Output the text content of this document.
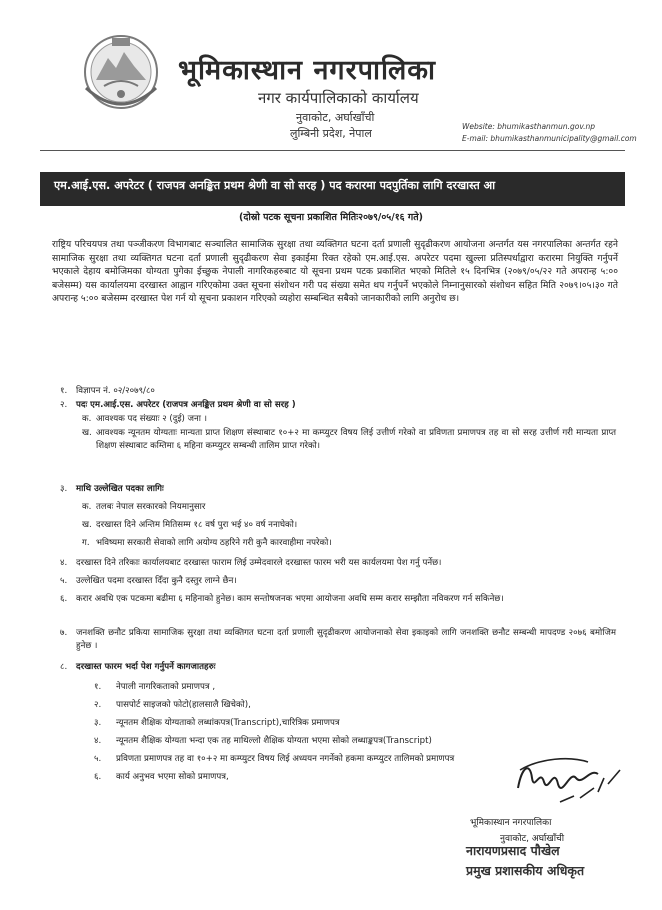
भूमिकास्थान नगरपालिका
नगर कार्यपालिकाको कार्यालय
नुवाकोट, अर्घाखाँची
लुम्बिनी प्रदेश, नेपाल
Website: bhumikasthanmun.gov.np
E-mail: bhumikasthanmunicipality@gmail.com
एम.आई.एस. अपरेटर ( राजपत्र अनङ्कित प्रथम श्रेणी वा सो सरह ) पद करारमा पदपुर्तिका लागि दरखास्त आ
(दोस्रो पटक सूचना प्रकाशित मितिः२०७९/०५/१६ गते)
राष्ट्रिय परिचयपत्र तथा पञ्जीकरण विभागबाट सञ्चालित सामाजिक सुरक्षा तथा व्यक्तिगत घटना दर्ता प्रणाली सुदृढीकरण आयोजना अन्तर्गत यस नगरपालिका अन्तर्गत रहने सामाजिक सुरक्षा तथा व्यक्तिगत घटना दर्ता प्रणाली सुदृढीकरण सेवा इकाईमा रिक्त रहेको एम.आई.एस. अपरेटर पदमा खुल्ला प्रतिस्पर्धाद्वारा करारमा नियुक्ति गर्नुपर्ने भएकाले देहाय बमोजिमका योग्यता पुगेका ईच्छुक नेपाली नागरिकहरुबाट यो सूचना प्रथम पटक प्रकाशित भएको मितिले १५ दिनभित्र (२०७९/०५/२२ गते अपरान्ह ५:०० बजेसम्म) यस कार्यालयमा दरखास्त आह्वान गरिएकोमा उक्त सूचना संशोधन गरी पद संख्या समेत थप गर्नुपर्ने भएकोले निम्नानुसारको संशोधन सहित मिति २०७९।०५।३० गते अपरान्ह ५:०० बजेसम्म दरखास्त पेश गर्न यो सूचना प्रकाशन गरिएको व्यहोरा सम्बन्धित सबैको जानकारीको लागि अनुरोध छ।
१. विज्ञापन नं. ०२/२०७९/८०
२. पदः एम.आई.एस. अपरेटर (राजपत्र अनङ्कित प्रथम श्रेणी वा सो सरह )
क. आवश्यक पद संख्याः २ (दुई) जना ।
ख. आवश्यक न्यूनतम योग्यताः मान्यता प्राप्त शिक्षण संस्थाबाट १०+२ मा कम्प्युटर विषय लिई उत्तीर्ण गरेको वा प्रविणता प्रमाणपत्र तह वा सो सरह उत्तीर्ण गरी मान्यता प्राप्त शिक्षण संस्थाबाट कम्तिमा ६ महिना कम्प्युटर सम्बन्धी तालिम प्राप्त गरेको।
३. माथि उल्लेखित पदका लागिः
क. तलबः नेपाल सरकारको नियमानुसार
ख. दरखास्त दिने अन्तिम मितिसम्म १८ वर्ष पुरा भई ४० वर्ष ननाघेको।
ग. भविष्यमा सरकारी सेवाको लागि अयोग्य ठहरिने गरी कुनै कारवाहीमा नपरेको।
४. दरखास्त दिने तरिकाः कार्यालयबाट दरखास्त फाराम लिई उम्मेदवारले दरखास्त फारम भरी यस कार्यलयमा पेश गर्नु पर्नेछ।
५. उल्लेखित पदमा दरखास्त दिँदा कुनै दस्तुर लाग्ने छैन।
६. करार अवधि एक पटकमा बढीमा ६ महिनाको हुनेछ। काम सन्तोषजनक भएमा आयोजना अवधि सम्म करार सम्झौता नविकरण गर्न सकिनेछ।
७. जनशक्ति छनौट प्रकिया सामाजिक सुरक्षा तथा व्यक्तिगत घटना दर्ता प्रणाली सुदृढीकरण आयोजनाको सेवा इकाइको लागि जनशक्ति छनौट सम्बन्धी मापदण्ड २०७६ बमोजिम हुनेछ ।
८. दरखास्त फारम भर्दा पेश गर्नुपर्ने कागजातहरुः
१. नेपाली नागरिकताको प्रमाणपत्र ,
२. पासपोर्ट साइजको फोटो(हालसालै खिचेको),
३. न्यूनतम शैक्षिक योग्यताको लब्धांकपत्र(Transcript),चारित्रिक प्रमाणपत्र
४. न्यूनतम शैक्षिक योग्यता भन्दा एक तह माथिल्लो शैक्षिक योग्यता भएमा सोको लब्धाङ्कपत्र(Transcript)
५. प्रविणता प्रमाणपत्र तह वा १०+२ मा कम्प्युटर विषय लिई अध्ययन नगर्नेको हकमा कम्प्युटर तालिमको प्रमाणपत्र
६. कार्य अनुभव भएमा सोको प्रमाणपत्र,
भूमिकास्थान नगरपालिका
नुवाकोट, अर्घाखाँची
नारायणप्रसाद पौखेल
प्रमुख प्रशासकीय अधिकृत
